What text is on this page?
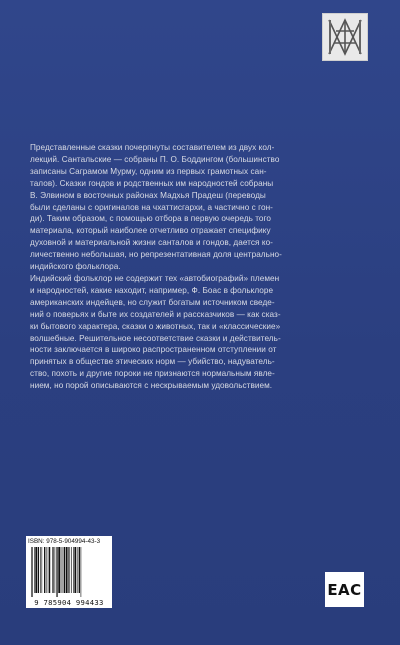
Представленные сказки почерпнуты составителем из двух кол-
лекций. Сантальские — собраны П. О. Боддингом (большинство
записаны Саграмом Мурму, одним из первых грамотных сан-
талов). Сказки гондов и родственных им народностей собраны
В. Элвином в восточных районах Мадхья Прадеш (переводы
были сделаны с оригиналов на чхаттисгархи, а частично с гон-
ди). Таким образом, с помощью отбора в первую очередь того
материала, который наиболее отчетливо отражает специфику
духовной и материальной жизни санталов и гондов, дается ко-
личественно небольшая, но репрезентативная доля центрально-
индийского фольклора.
Индийский фольклор не содержит тех «автобиографий» племен
и народностей, какие находит, например, Ф. Боас в фольклоре
американских индейцев, но служит богатым источником сведе-
ний о поверьях и быте их создателей и рассказчиков — как сказ-
ки бытового характера, сказки о животных, так и «классические»
волшебные. Решительное несоответствие сказки и действитель-
ности заключается в широко распространенном отступлении от
принятых в обществе этических норм — убийство, надуватель-
ство, похоть и другие пороки не признаются нормальным явле-
нием, но порой описываются с нескрываемым удовольствием.

ISBN: 978-5-904994-43-3
9 785904 994433
EAC
